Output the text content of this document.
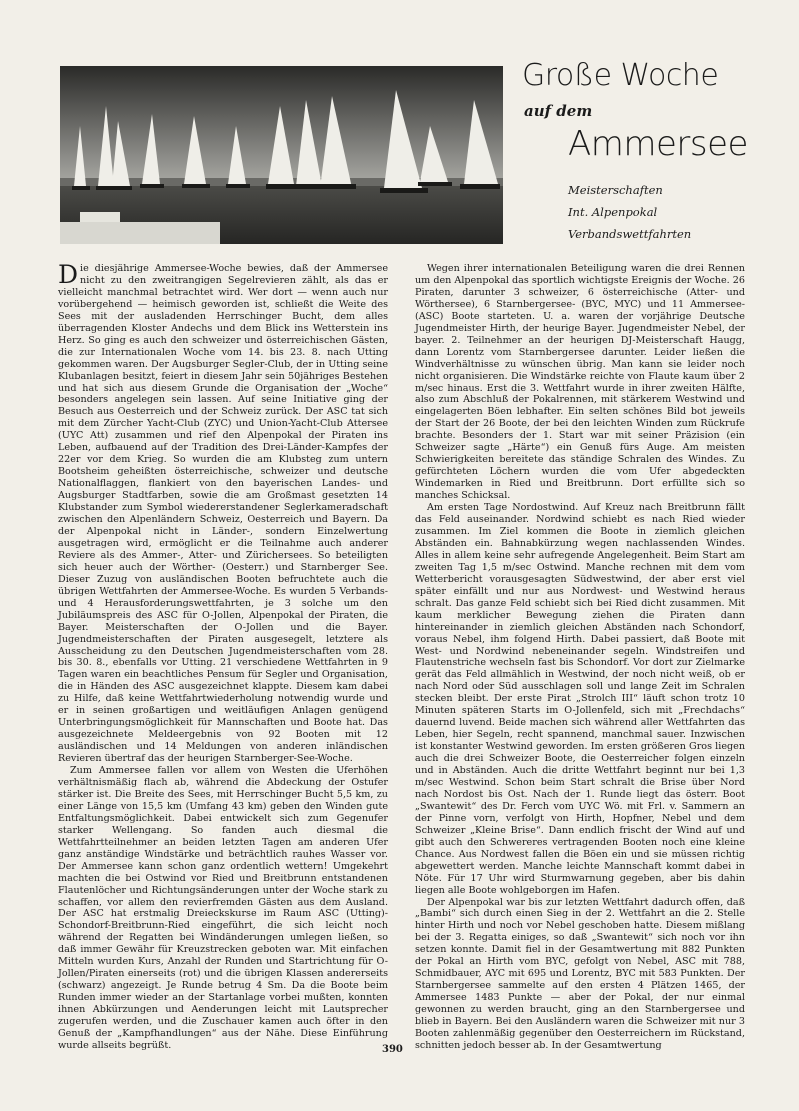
Große Woche
auf dem
Ammersee
Meisterschaften
Int. Alpenpokal
Verbandswettfahrten

Die diesjährige Ammersee-Woche bewies, daß der Ammersee nicht zu den zweitrangigen Segelrevieren zählt, als das er vielleicht manchmal betrachtet wird. Wer dort — wenn auch nur vorübergehend — heimisch geworden ist, schließt die Weite des Sees mit der ausladenden Herrschinger Bucht, dem alles überragenden Kloster Andechs und dem Blick ins Wetterstein ins Herz. So ging es auch den schweizer und österreichischen Gästen, die zur Internationalen Woche vom 14. bis 23. 8. nach Utting gekommen waren. Der Augsburger Segler-Club, der in Utting seine Klubanlagen besitzt, feiert in diesem Jahr sein 50jähriges Bestehen und hat sich aus diesem Grunde die Organisation der „Woche“ besonders angelegen sein lassen. Auf seine Initiative ging der Besuch aus Oesterreich und der Schweiz zurück. Der ASC tat sich mit dem Zürcher Yacht-Club (ZYC) und Union-Yacht-Club Attersee (UYC Att) zusammen und rief den Alpenpokal der Piraten ins Leben, aufbauend auf der Tradition des Drei-Länder-Kampfes der 22er vor dem Krieg. So wurden die am Klubsteg zum untern Bootsheim geheißten österreichische, schweizer und deutsche Nationalflaggen, flankiert von den bayerischen Landes- und Augsburger Stadtfarben, sowie die am Großmast gesetzten 14 Klubstander zum Symbol wiedererstandener Seglerkameradschaft zwischen den Alpenländern Schweiz, Oesterreich und Bayern. Da der Alpenpokal nicht in Länder-, sondern Einzelwertung ausgetragen wird, ermöglicht er die Teilnahme auch anderer Reviere als des Ammer-, Atter- und Zürichersees. So beteiligten sich heuer auch der Wörther- (Oesterr.) und Starnberger See. Dieser Zuzug von ausländischen Booten befruchtete auch die übrigen Wettfahrten der Ammersee-Woche. Es wurden 5 Verbands- und 4 Herausforderungswettfahrten, je 3 solche um den Jubiläumspreis des ASC für O-Jollen, Alpenpokal der Piraten, die Bayer. Meisterschaften der O-Jollen und die Bayer. Jugendmeisterschaften der Piraten ausgesegelt, letztere als Ausscheidung zu den Deutschen Jugendmeisterschaften vom 28. bis 30. 8., ebenfalls vor Utting. 21 verschiedene Wettfahrten in 9 Tagen waren ein beachtliches Pensum für Segler und Organisation, die in Händen des ASC ausgezeichnet klappte. Diesem kam dabei zu Hilfe, daß keine Wettfahrtwiederholung notwendig wurde und er in seinen großartigen und weitläufigen Anlagen genügend Unterbringungsmöglichkeit für Mannschaften und Boote hat. Das ausgezeichnete Meldeergebnis von 92 Booten mit 12 ausländischen und 14 Meldungen von anderen inländischen Revieren übertraf das der heurigen Starnberger-See-Woche.

Zum Ammersee fallen vor allem von Westen die Uferhöhen verhältnismäßig flach ab, während die Abdeckung der Ostufer stärker ist. Die Breite des Sees, mit Herrschinger Bucht 5,5 km, zu einer Länge von 15,5 km (Umfang 43 km) geben den Winden gute Entfaltungsmöglichkeit. Dabei entwickelt sich zum Gegenufer starker Wellengang. So fanden auch diesmal die Wettfahrtteilnehmer an beiden letzten Tagen am anderen Ufer ganz anständige Windstärke und beträchtlich rauhes Wasser vor. Der Ammersee kann schon ganz ordentlich wettern! Umgekehrt machten die bei Ostwind vor Ried und Breitbrunn entstandenen Flautenlöcher und Richtungsänderungen unter der Woche stark zu schaffen, vor allem den revierfremden Gästen aus dem Ausland. Der ASC hat erstmalig Dreieckskurse im Raum ASC (Utting)-Schondorf-Breitbrunn-Ried eingeführt, die sich leicht noch während der Regatten bei Windänderungen umlegen ließen, so daß immer Gewähr für Kreuzstrecken geboten war. Mit einfachen Mitteln wurden Kurs, Anzahl der Runden und Startrichtung für O-Jollen/Piraten einerseits (rot) und die übrigen Klassen andererseits (schwarz) angezeigt. Je Runde betrug 4 Sm. Da die Boote beim Runden immer wieder an der Startanlage vorbei mußten, konnten ihnen Abkürzungen und Aenderungen leicht mit Lautsprecher zugerufen werden, und die Zuschauer kamen auch öfter in den Genuß der „Kampfhandlungen“ aus der Nähe. Diese Einführung wurde allseits begrüßt.

Wegen ihrer internationalen Beteiligung waren die drei Rennen um den Alpenpokal das sportlich wichtigste Ereignis der Woche. 26 Piraten, darunter 3 schweizer, 6 österreichische (Atter- und Wörthersee), 6 Starnbergersee- (BYC, MYC) und 11 Ammersee- (ASC) Boote starteten. U. a. waren der vorjährige Deutsche Jugendmeister Hirth, der heurige Bayer. Jugendmeister Nebel, der bayer. 2. Teilnehmer an der heurigen DJ-Meisterschaft Haugg, dann Lorentz vom Starnbergersee darunter. Leider ließen die Windverhältnisse zu wünschen übrig. Man kann sie leider noch nicht organisieren. Die Windstärke reichte von Flaute kaum über 2 m/sec hinaus. Erst die 3. Wettfahrt wurde in ihrer zweiten Hälfte, also zum Abschluß der Pokalrennen, mit stärkerem Westwind und eingelagerten Böen lebhafter. Ein selten schönes Bild bot jeweils der Start der 26 Boote, der bei den leichten Winden zum Rückrufe brachte. Besonders der 1. Start war mit seiner Präzision (ein Schweizer sagte „Härte“) ein Genuß fürs Auge. Am meisten Schwierigkeiten bereitete das ständige Schralen des Windes. Zu gefürchteten Löchern wurden die vom Ufer abgedeckten Windemarken in Ried und Breitbrunn. Dort erfüllte sich so manches Schicksal.

Am ersten Tage Nordostwind. Auf Kreuz nach Breitbrunn fällt das Feld auseinander. Nordwind schiebt es nach Ried wieder zusammen. Im Ziel kommen die Boote in ziemlich gleichen Abständen ein. Bahnabkürzung wegen nachlassenden Windes. Alles in allem keine sehr aufregende Angelegenheit. Beim Start am zweiten Tag 1,5 m/sec Ostwind. Manche rechnen mit dem vom Wetterbericht vorausgesagten Südwestwind, der aber erst viel später einfällt und nur aus Nordwest- und Westwind heraus schralt. Das ganze Feld schiebt sich bei Ried dicht zusammen. Mit kaum merklicher Bewegung ziehen die Piraten dann hintereinander in ziemlich gleichen Abständen nach Schondorf, voraus Nebel, ihm folgend Hirth. Dabei passiert, daß Boote mit West- und Nordwind nebeneinander segeln. Windstreifen und Flautenstriche wechseln fast bis Schondorf. Vor dort zur Zielmarke gerät das Feld allmählich in Westwind, der noch nicht weiß, ob er nach Nord oder Süd ausschlagen soll und lange Zeit im Schralen stecken bleibt. Der erste Pirat „Strolch III“ läuft schon trotz 10 Minuten späteren Starts im O-Jollenfeld, sich mit „Frechdachs“ dauernd luvend. Beide machen sich während aller Wettfahrten das Leben, hier Segeln, recht spannend, manchmal sauer. Inzwischen ist konstanter Westwind geworden. Im ersten größeren Gros liegen auch die drei Schweizer Boote, die Oesterreicher folgen einzeln und in Abständen. Auch die dritte Wettfahrt beginnt nur bei 1,3 m/sec Westwind. Schon beim Start schralt die Brise über Nord nach Nordost bis Ost. Nach der 1. Runde liegt das österr. Boot „Swantewit“ des Dr. Ferch vom UYC Wö. mit Frl. v. Sammern an der Pinne vorn, verfolgt von Hirth, Hopfner, Nebel und dem Schweizer „Kleine Brise“. Dann endlich frischt der Wind auf und gibt auch den Schwereres vertragenden Booten noch eine kleine Chance. Aus Nordwest fallen die Böen ein und sie müssen richtig abgewettert werden. Manche leichte Mannschaft kommt dabei in Nöte. Für 17 Uhr wird Sturmwarnung gegeben, aber bis dahin liegen alle Boote wohlgeborgen im Hafen.

Der Alpenpokal war bis zur letzten Wettfahrt dadurch offen, daß „Bambi“ sich durch einen Sieg in der 2. Wettfahrt an die 2. Stelle hinter Hirth und noch vor Nebel geschoben hatte. Diesem mißlang bei der 3. Regatta einiges, so daß „Swantewit“ sich noch vor ihn setzen konnte. Damit fiel in der Gesamtwertung mit 882 Punkten der Pokal an Hirth vom BYC, gefolgt von Nebel, ASC mit 788, Schmidbauer, AYC mit 695 und Lorentz, BYC mit 583 Punkten. Der Starnbergersee sammelte auf den ersten 4 Plätzen 1465, der Ammersee 1483 Punkte — aber der Pokal, der nur einmal gewonnen zu werden braucht, ging an den Starnbergersee und blieb in Bayern. Bei den Ausländern waren die Schweizer mit nur 3 Booten zahlenmäßig gegenüber den Oesterreichern im Rückstand, schnitten jedoch besser ab. In der Gesamtwertung

390
